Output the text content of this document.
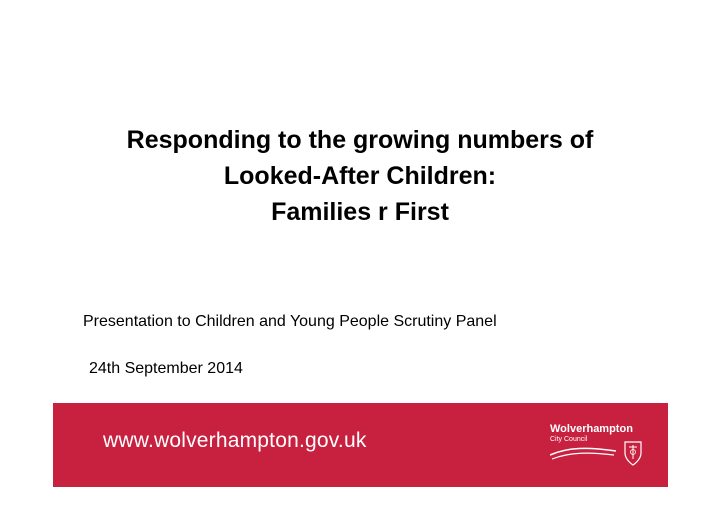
Responding to the growing numbers of
Looked-After Children:
Families r First
Presentation to Children and Young People Scrutiny Panel
24th September 2014
www.wolverhampton.gov.uk	Wolverhampton
City Council
